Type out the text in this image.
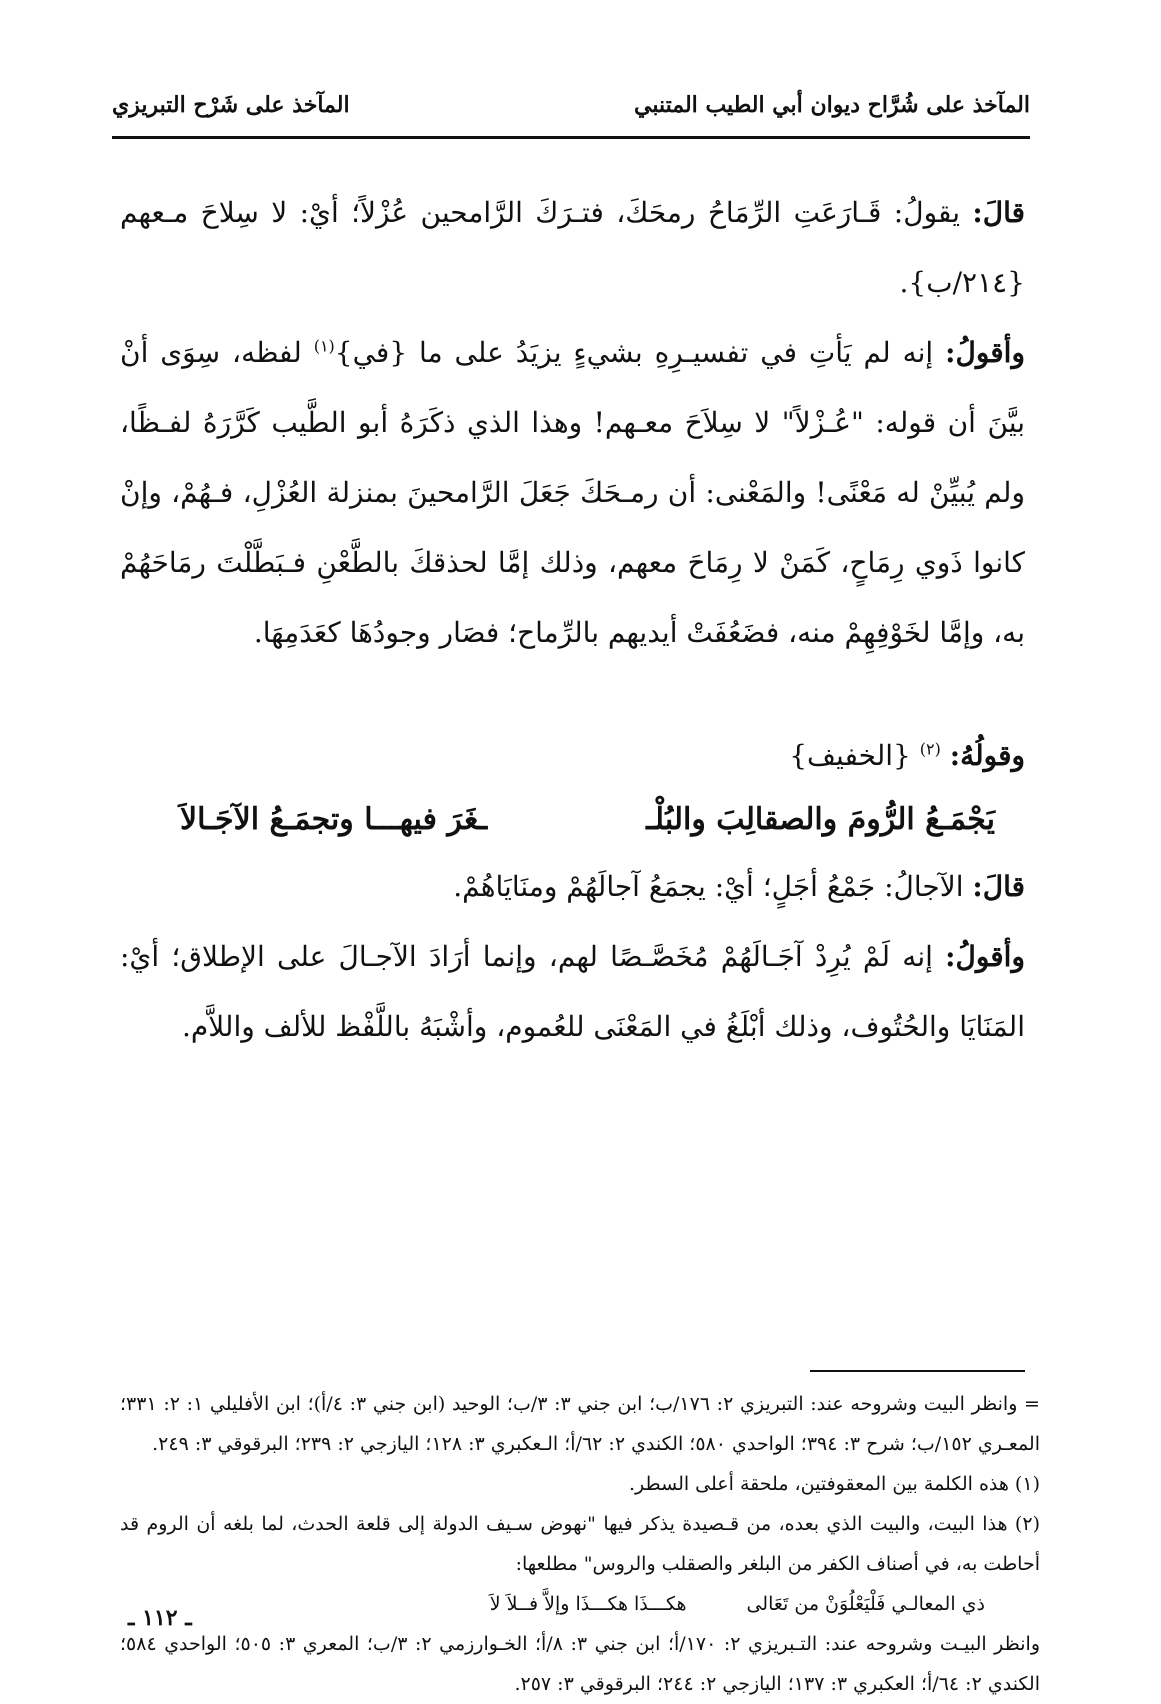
المآخذ على شُرَّاح ديوان أبي الطيب المتنبي
المآخذ على شَرْح التبريزي

قالَ: يقولُ: قَـارَعَتِ الرِّمَاحُ رمحَكَ، فتـرَكَ الرَّامحين عُزْلاً؛ أيْ: لا سِلاحَ مـعهم {٢١٤/ب}.

وأقولُ: إنه لم يَأتِ في تفسيـرِهِ بشيءٍ يزيَدُ على ما {في}$^{(١)}$ لفظه، سِوَى أنْ بيَّنَ أن قوله: "عُـزْلاً" لا سِلاَحَ معـهم! وهذا الذي ذكَرَهُ أبو الطَّيب كَرَّرَهُ لفـظًا، ولم يُبيِّنْ له مَعْنًى! والمَعْنى: أن رمـحَكَ جَعَلَ الرَّامحينَ بمنزلة العُزْلِ، فـهُمْ، وإنْ كانوا ذَوي رِمَاحٍ، كَمَنْ لا رِمَاحَ معهم، وذلك إمَّا لحذقكَ بالطَّعْنِ فـبَطَّلْتَ رمَاحَهُمْ به، وإمَّا لخَوْفِهِمْ منه، فضَعُفَتْ أيديهم بالرِّماح؛ فصَار وجودُهَا كعَدَمِهَا.

وقولُهُ: $^{(٢)}$ {الخفيف}

يَجْمَـعُ الرُّومَ والصقالِبَ والبُلْـ
ـغَرَ فيهـــا وتجمَـعُ الآجَـالاَ

قالَ: الآجالُ: جَمْعُ أجَلٍ؛ أيْ: يجمَعُ آجالَهُمْ ومنَايَاهُمْ.

وأقولُ: إنه لَمْ يُرِدْ آجَـالَهُمْ مُخَصَّـصًا لهم، وإنما أرَادَ الآجـالَ على الإطلاق؛ أيْ: المَنَايَا والحُتُوف، وذلك أبْلَغُ في المَعْنَى للعُموم، وأشْبَهُ باللَّفْظ للألف واللاَّم.

= وانظر البيت وشروحه عند: التبريزي ٢: ١٧٦/ب؛ ابن جني ٣: ٣/ب؛ الوحيد (ابن جني ٣: ٤/أ)؛ ابن الأفليلي ١: ٢: ٣٣١؛ المعـري ١٥٢/ب؛ شرح ٣: ٣٩٤؛ الواحدي ٥٨٠؛ الكندي ٢: ٦٢/أ؛ الـعكبري ٣: ١٢٨؛ اليازجي ٢: ٢٣٩؛ البرقوقي ٣: ٢٤٩.

(١) هذه الكلمة بين المعقوفتين، ملحقة أعلى السطر.

(٢) هذا البيت، والبيت الذي بعده، من قـصيدة يذكر فيها "نهوض سـيف الدولة إلى قلعة الحدث، لما بلغه أن الروم قد أحاطت به، في أصناف الكفر من البلغر والصقلب والروس" مطلعها:

ذي المعالـي فَلْيَعْلُوَنْ من تَعَالى
هكـــذَا هكـــذَا وإلاَّ فــلاَ لاَ

وانظر البيـت وشروحه عند: التـبريزي ٢: ١٧٠/أ؛ ابن جني ٣: ٨/أ؛ الخـوارزمي ٢: ٣/ب؛ المعري ٣: ٥٠٥؛ الواحدي ٥٨٤؛ الكندي ٢: ٦٤/أ؛ العكبري ٣: ١٣٧؛ اليازجي ٢: ٢٤٤؛ البرقوقي ٣: ٢٥٧.

ـ ١١٢ ـ
